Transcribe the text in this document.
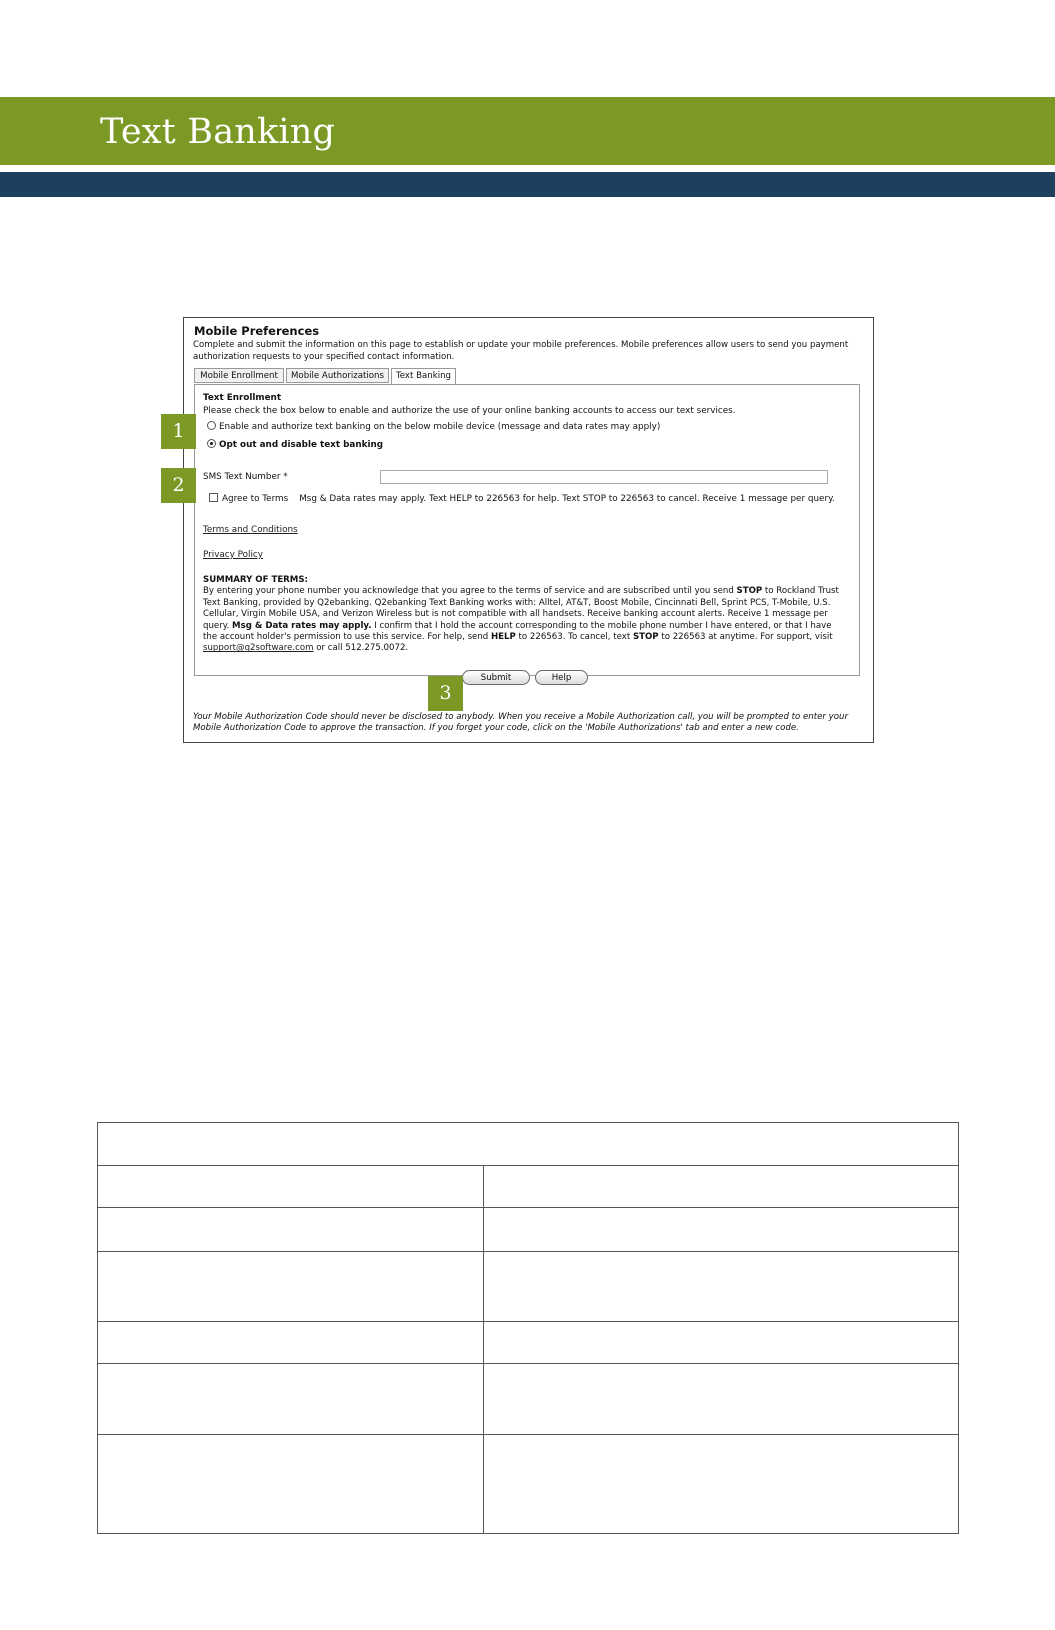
Text Banking
Mobile Preferences
Complete and submit the information on this page to establish or update your mobile preferences. Mobile preferences allow users to send you payment authorization requests to your specified contact information.
Mobile Enrollment	Mobile Authorizations	Text Banking
Text Enrollment
Please check the box below to enable and authorize the use of your online banking accounts to access our text services.
Enable and authorize text banking on the below mobile device (message and data rates may apply)
Opt out and disable text banking
SMS Text Number *
Agree to Terms Msg & Data rates may apply. Text HELP to 226563 for help. Text STOP to 226563 to cancel. Receive 1 message per query.
Terms and Conditions
Privacy Policy
SUMMARY OF TERMS:
By entering your phone number you acknowledge that you agree to the terms of service and are subscribed until you send STOP to Rockland Trust Text Banking, provided by Q2ebanking. Q2ebanking Text Banking works with: Alltel, AT&T, Boost Mobile, Cincinnati Bell, Sprint PCS, T-Mobile, U.S. Cellular, Virgin Mobile USA, and Verizon Wireless but is not compatible with all handsets. Receive banking account alerts. Receive 1 message per query. Msg & Data rates may apply. I confirm that I hold the account corresponding to the mobile phone number I have entered, or that I have the account holder's permission to use this service. For help, send HELP to 226563. To cancel, text STOP to 226563 at anytime. For support, visit support@q2software.com or call 512.275.0072.
Submit	Help
Your Mobile Authorization Code should never be disclosed to anybody. When you receive a Mobile Authorization call, you will be prompted to enter your Mobile Authorization Code to approve the transaction. If you forget your code, click on the 'Mobile Authorizations' tab and enter a new code.
1
2
3
